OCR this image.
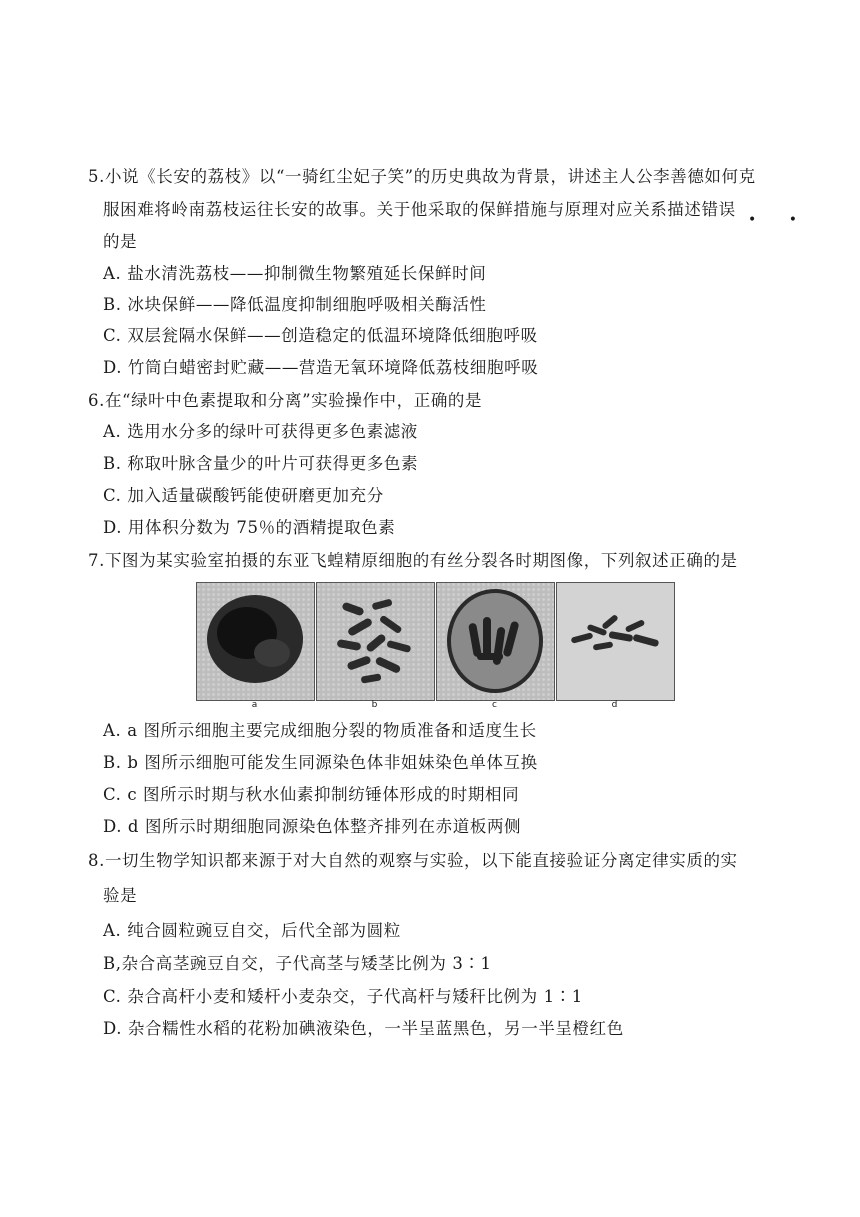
5.小说《长安的荔枝》以“一骑红尘妃子笑”的历史典故为背景，讲述主人公李善德如何克
服困难将岭南荔枝运往长安的故事。关于他采取的保鲜措施与原理对应关系描述错误
• •
的是
A. 盐水清洗荔枝——抑制微生物繁殖延长保鲜时间
B. 冰块保鲜——降低温度抑制细胞呼吸相关酶活性
C. 双层瓮隔水保鲜——创造稳定的低温环境降低细胞呼吸
D. 竹筒白蜡密封贮藏——营造无氧环境降低荔枝细胞呼吸
6.在“绿叶中色素提取和分离”实验操作中，正确的是
A. 选用水分多的绿叶可获得更多色素滤液
B. 称取叶脉含量少的叶片可获得更多色素
C. 加入适量碳酸钙能使研磨更加充分
D. 用体积分数为 75％的酒精提取色素
7.下图为某实验室拍摄的东亚飞蝗精原细胞的有丝分裂各时期图像，下列叙述正确的是
a	b	c	d
A. a 图所示细胞主要完成细胞分裂的物质准备和适度生长
B. b 图所示细胞可能发生同源染色体非姐妹染色单体互换
C. c 图所示时期与秋水仙素抑制纺锤体形成的时期相同
D. d 图所示时期细胞同源染色体整齐排列在赤道板两侧
8.一切生物学知识都来源于对大自然的观察与实验，以下能直接验证分离定律实质的实
验是
A. 纯合圆粒豌豆自交，后代全部为圆粒
B,杂合高茎豌豆自交，子代高茎与矮茎比例为 3∶1
C. 杂合高杆小麦和矮杆小麦杂交，子代高杆与矮秆比例为 1∶1
D. 杂合糯性水稻的花粉加碘液染色，一半呈蓝黑色，另一半呈橙红色
